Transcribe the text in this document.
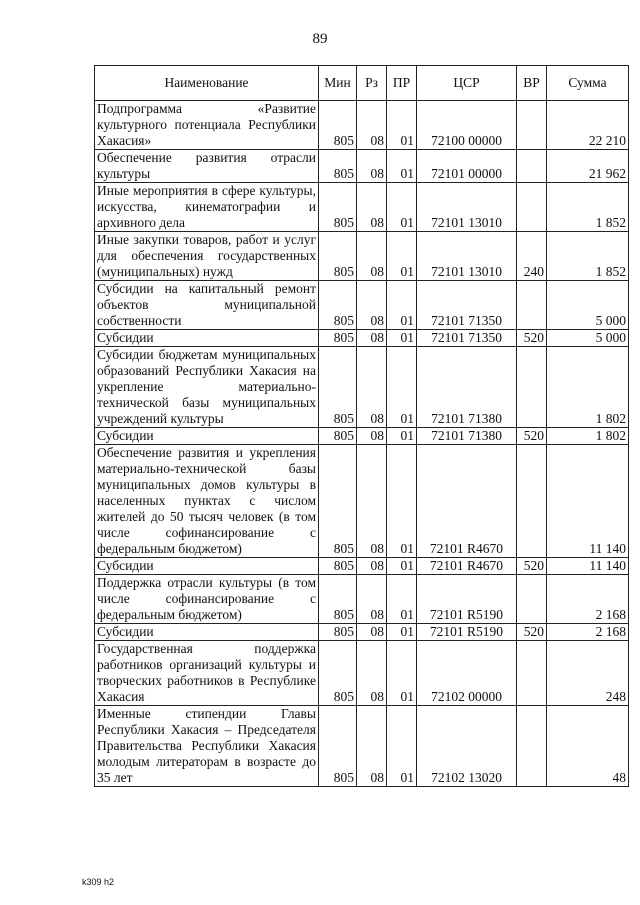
89
Наименование	Мин	Рз	ПР	ЦСР	ВР	Сумма
Подпрограмма «Развитие культурного потенциала Республики Хакасия»	805	08	01	72100 00000		22 210
Обеспечение развития отрасли культуры	805	08	01	72101 00000		21 962
Иные мероприятия в сфере культуры, искусства, кинематографии и архивного дела	805	08	01	72101 13010		1 852
Иные закупки товаров, работ и услуг для обеспечения государственных (муниципальных) нужд	805	08	01	72101 13010	240	1 852
Субсидии на капитальный ремонт объектов муниципальной собственности	805	08	01	72101 71350		5 000
Субсидии	805	08	01	72101 71350	520	5 000
Субсидии бюджетам муниципальных образований Республики Хакасия на укрепление материально-технической базы муниципальных учреждений культуры	805	08	01	72101 71380		1 802
Субсидии	805	08	01	72101 71380	520	1 802
Обеспечение развития и укрепления материально-технической базы муниципальных домов культуры в населенных пунктах с числом жителей до 50 тысяч человек (в том числе софинансирование с федеральным бюджетом)	805	08	01	72101 R4670		11 140
Субсидии	805	08	01	72101 R4670	520	11 140
Поддержка отрасли культуры (в том числе софинансирование с федеральным бюджетом)	805	08	01	72101 R5190		2 168
Субсидии	805	08	01	72101 R5190	520	2 168
Государственная поддержка работников организаций культуры и творческих работников в Республике Хакасия	805	08	01	72102 00000		248
Именные стипендии Главы Республики Хакасия – Председателя Правительства Республики Хакасия молодым литераторам в возрасте до 35 лет	805	08	01	72102 13020		48
k309 h2
